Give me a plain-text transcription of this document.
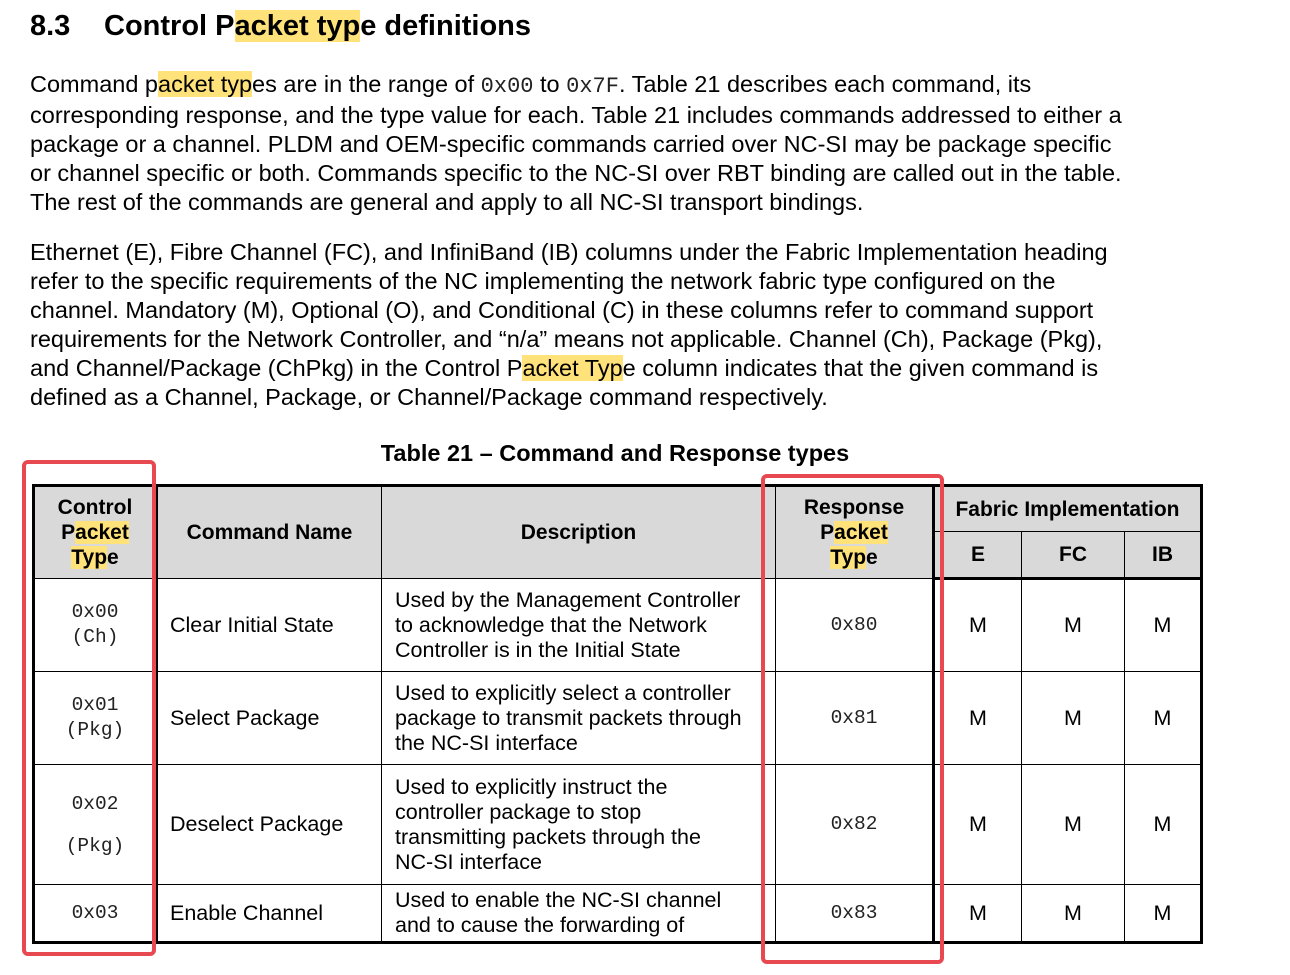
8.3 Control Packet type definitions

Command packet types are in the range of 0x00 to 0x7F. Table 21 describes each command, its
corresponding response, and the type value for each. Table 21 includes commands addressed to either a
package or a channel. PLDM and OEM-specific commands carried over NC-SI may be package specific
or channel specific or both. Commands specific to the NC-SI over RBT binding are called out in the table.
The rest of the commands are general and apply to all NC-SI transport bindings.

Ethernet (E), Fibre Channel (FC), and InfiniBand (IB) columns under the Fabric Implementation heading
refer to the specific requirements of the NC implementing the network fabric type configured on the
channel. Mandatory (M), Optional (O), and Conditional (C) in these columns refer to command support
requirements for the Network Controller, and “n/a” means not applicable. Channel (Ch), Package (Pkg),
and Channel/Package (ChPkg) in the Control Packet Type column indicates that the given command is
defined as a Channel, Package, or Channel/Package command respectively.

Table 21 – Command and Response types

Control
Packet
Type	Command Name	Description	Response
Packet
Type	Fabric Implementation		
				E	FC	IB
0x00
(Ch)	Clear Initial State	Used by the Management Controller
to acknowledge that the Network
Controller is in the Initial State	0x80	M	M	M
0x01
(Pkg)	Select Package	Used to explicitly select a controller
package to transmit packets through
the NC-SI interface	0x81	M	M	M
0x02
(Pkg)	Deselect Package	Used to explicitly instruct the
controller package to stop
transmitting packets through the
NC-SI interface	0x82	M	M	M
0x03	Enable Channel	Used to enable the NC-SI channel
and to cause the forwarding of	0x83	M	M	M
